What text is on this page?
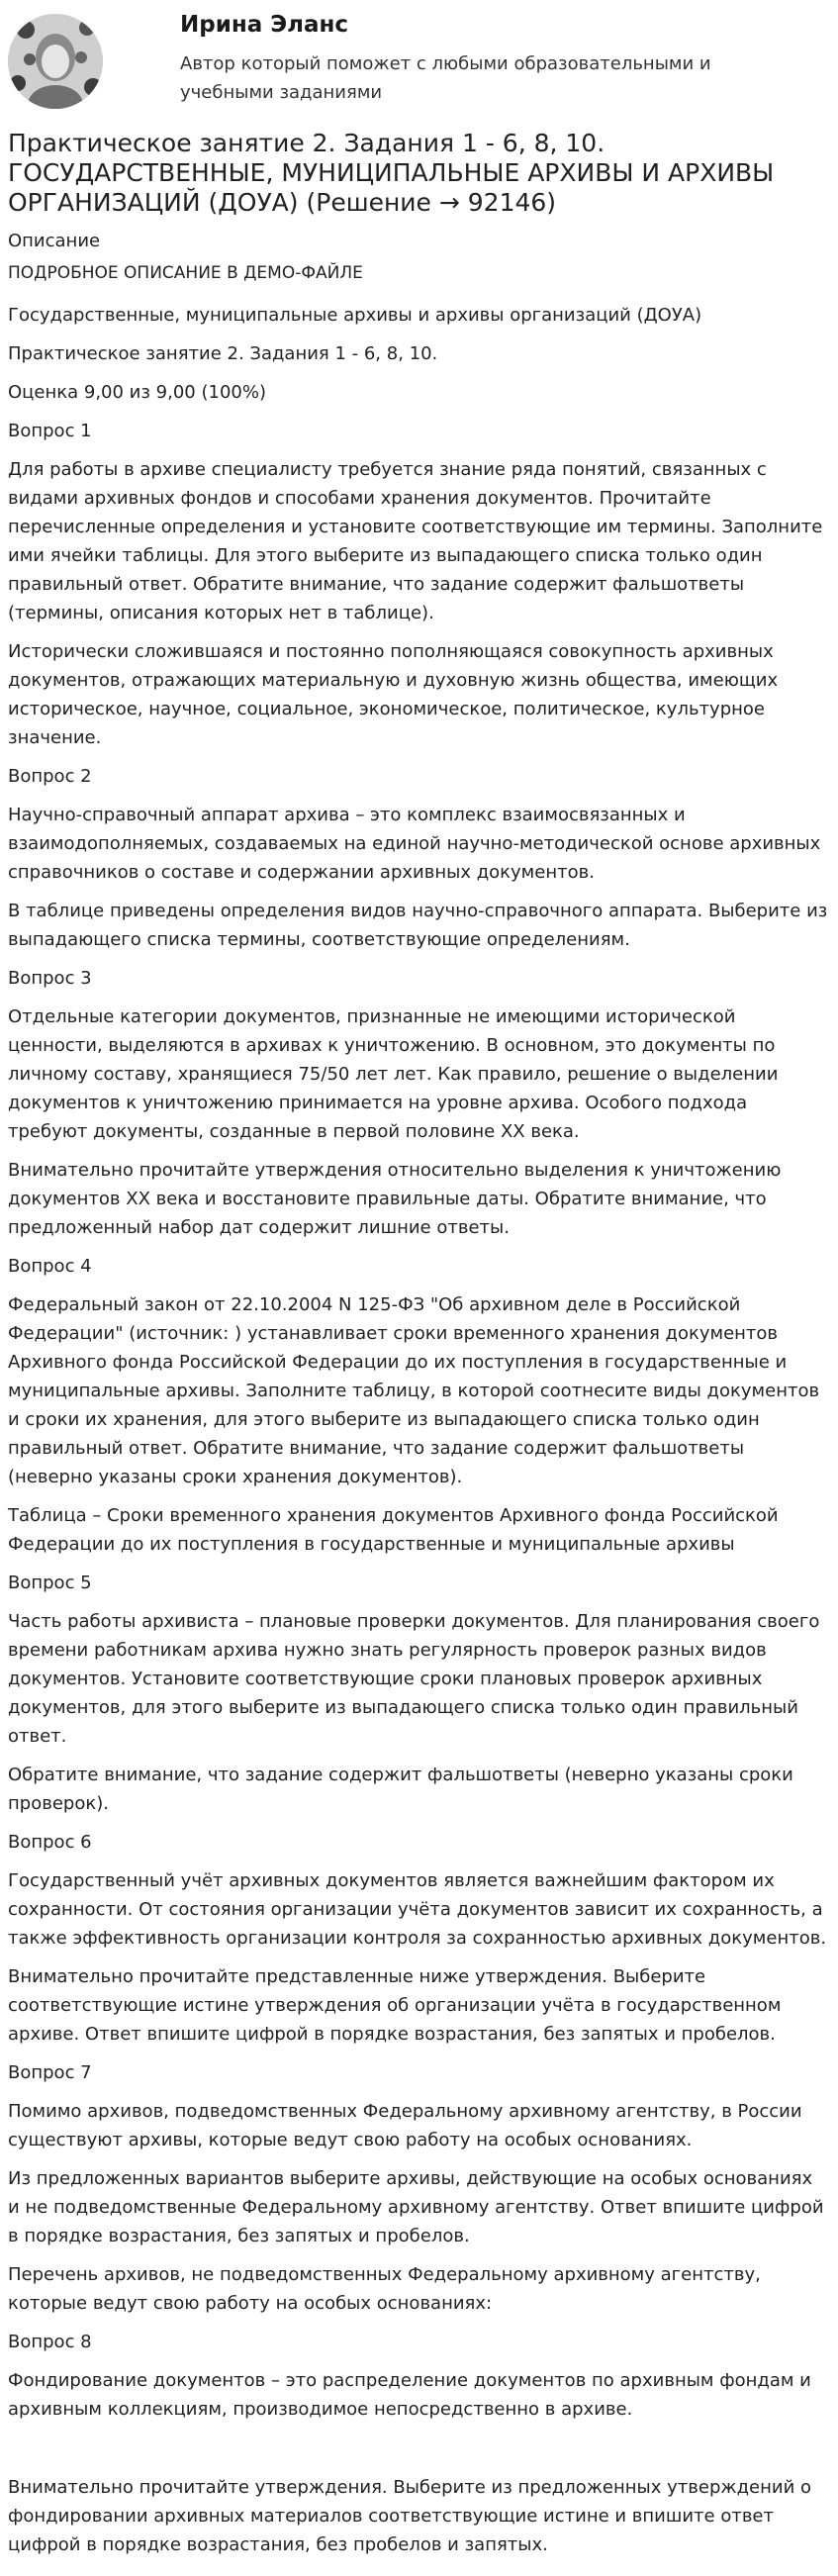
Ирина Эланс
Автор который поможет с любыми образовательными и учебными заданиями
Практическое занятие 2. Задания 1 - 6, 8, 10. ГОСУДАРСТВЕННЫЕ, МУНИЦИПАЛЬНЫЕ АРХИВЫ И АРХИВЫ ОРГАНИЗАЦИЙ (ДОУА) (Решение → 92146)
Описание
ПОДРОБНОЕ ОПИСАНИЕ В ДЕМО-ФАЙЛЕ

Государственные, муниципальные архивы и архивы организаций (ДОУА)

Практическое занятие 2. Задания 1 - 6, 8, 10.

Оценка 9,00 из 9,00 (100%)

Вопрос 1

Для работы в архиве специалисту требуется знание ряда понятий, связанных с видами архивных фондов и способами хранения документов. Прочитайте перечисленные определения и установите соответствующие им термины. Заполните ими ячейки таблицы. Для этого выберите из выпадающего списка только один правильный ответ. Обратите внимание, что задание содержит фальшответы (термины, описания которых нет в таблице).

Исторически сложившаяся и постоянно пополняющаяся совокупность архивных документов, отражающих материальную и духовную жизнь общества, имеющих историческое, научное, социальное, экономическое, политическое, культурное значение.

Вопрос 2

Научно-справочный аппарат архива – это комплекс взаимосвязанных и взаимодополняемых, создаваемых на единой научно-методической основе архивных справочников о составе и содержании архивных документов.

В таблице приведены определения видов научно-справочного аппарата. Выберите из выпадающего списка термины, соответствующие определениям.

Вопрос 3

Отдельные категории документов, признанные не имеющими исторической ценности, выделяются в архивах к уничтожению. В основном, это документы по личному составу, хранящиеся 75/50 лет лет. Как правило, решение о выделении документов к уничтожению принимается на уровне архива. Особого подхода требуют документы, созданные в первой половине XX века.

Внимательно прочитайте утверждения относительно выделения к уничтожению документов XX века и восстановите правильные даты. Обратите внимание, что предложенный набор дат содержит лишние ответы.

Вопрос 4

Федеральный закон от 22.10.2004 N 125-ФЗ "Об архивном деле в Российской Федерации" (источник: ) устанавливает сроки временного хранения документов Архивного фонда Российской Федерации до их поступления в государственные и муниципальные архивы. Заполните таблицу, в которой соотнесите виды документов и сроки их хранения, для этого выберите из выпадающего списка только один правильный ответ. Обратите внимание, что задание содержит фальшответы (неверно указаны сроки хранения документов).

Таблица – Сроки временного хранения документов Архивного фонда Российской Федерации до их поступления в государственные и муниципальные архивы

Вопрос 5

Часть работы архивиста – плановые проверки документов. Для планирования своего времени работникам архива нужно знать регулярность проверок разных видов документов. Установите соответствующие сроки плановых проверок архивных документов, для этого выберите из выпадающего списка только один правильный ответ.

Обратите внимание, что задание содержит фальшответы (неверно указаны сроки проверок).

Вопрос 6

Государственный учёт архивных документов является важнейшим фактором их сохранности. От состояния организации учёта документов зависит их сохранность, а также эффективность организации контроля за сохранностью архивных документов.

Внимательно прочитайте представленные ниже утверждения. Выберите соответствующие истине утверждения об организации учёта в государственном архиве. Ответ впишите цифрой в порядке возрастания, без запятых и пробелов.

Вопрос 7

Помимо архивов, подведомственных Федеральному архивному агентству, в России существуют архивы, которые ведут свою работу на особых основаниях.

Из предложенных вариантов выберите архивы, действующие на особых основаниях и не подведомственные Федеральному архивному агентству. Ответ впишите цифрой в порядке возрастания, без запятых и пробелов.

Перечень архивов, не подведомственных Федеральному архивному агентству, которые ведут свою работу на особых основаниях:

Вопрос 8

Фондирование документов – это распределение документов по архивным фондам и архивным коллекциям, производимое непосредственно в архиве.

Внимательно прочитайте утверждения. Выберите из предложенных утверждений о фондировании архивных материалов соответствующие истине и впишите ответ цифрой в порядке возрастания, без пробелов и запятых.
